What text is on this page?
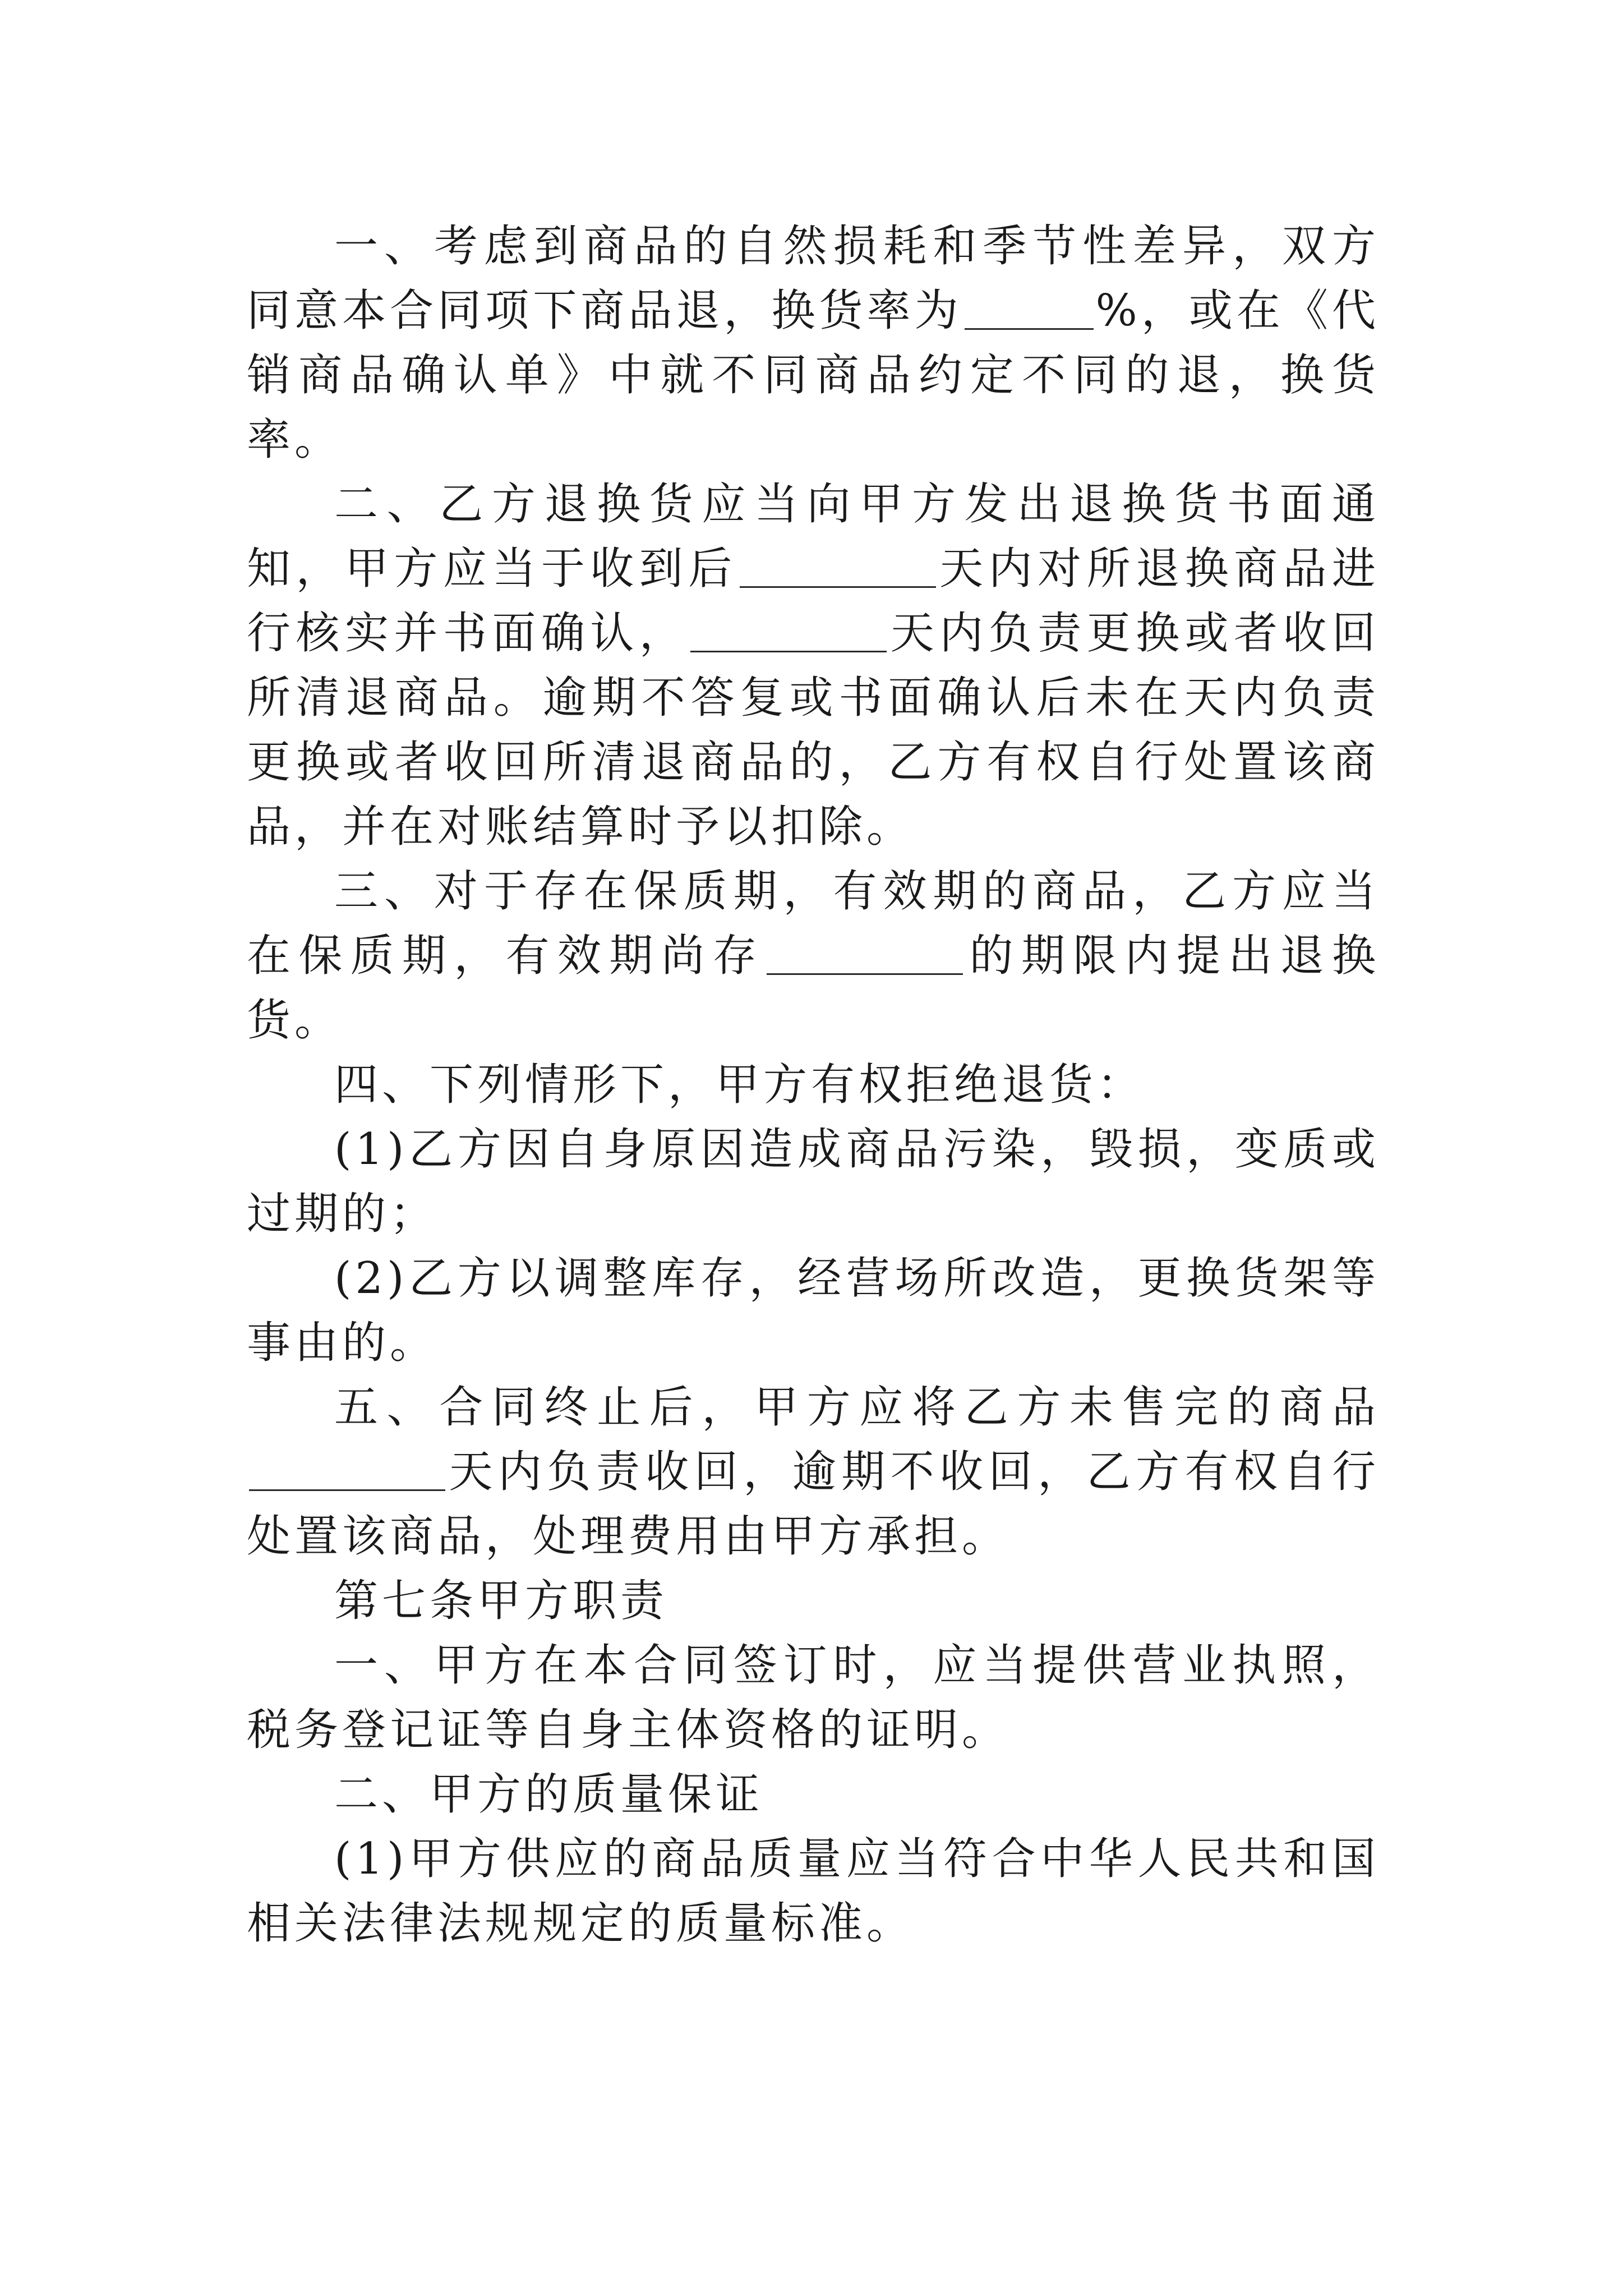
一、考虑到商品的自然损耗和季节性差异，双方同意本合同项下商品退，换货率为	%，或在《代销商品确认单》中就不同商品约定不同的退，换货率。

二、乙方退换货应当向甲方发出退换货书面通知，甲方应当于收到后	天内对所退换商品进行核实并书面确认，	天内负责更换或者收回所清退商品。逾期不答复或书面确认后未在天内负责更换或者收回所清退商品的，乙方有权自行处置该商品，并在对账结算时予以扣除。

三、对于存在保质期，有效期的商品，乙方应当在保质期，有效期尚存	的期限内提出退换货。

四、下列情形下，甲方有权拒绝退货：

(1)乙方因自身原因造成商品污染，毁损，变质或过期的；

(2)乙方以调整库存，经营场所改造，更换货架等事由的。

五、合同终止后，甲方应将乙方未售完的商品天内负责收回，逾期不收回，乙方有权自行处置该商品，处理费用由甲方承担。

第七条甲方职责

一、甲方在本合同签订时，应当提供营业执照，税务登记证等自身主体资格的证明。

二、甲方的质量保证

(1)甲方供应的商品质量应当符合中华人民共和国相关法律法规规定的质量标准。
